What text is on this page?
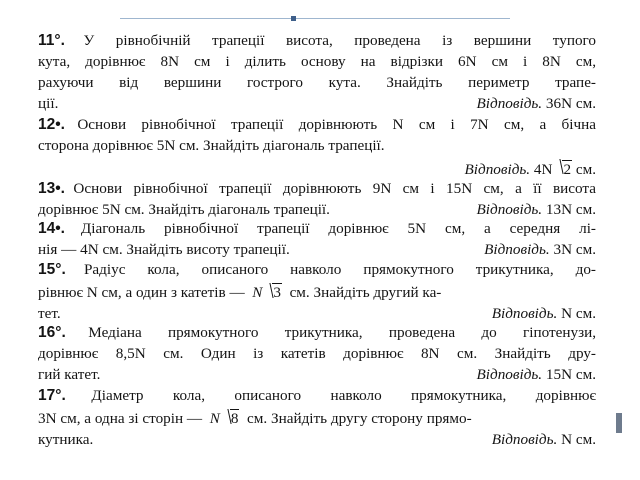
11°. У рівнобічній трапеції висота, проведена із вершини тупого
кута, дорівнює 8N см і ділить основу на відрізки 6N см і 8N см,
рахуючи від вершини гострого кута. Знайдіть периметр трапе-
ції.	Відповідь. 36N см.
12•. Основи рівнобічної трапеції дорівнюють N см і 7N см, а бічна
сторона дорівнює 5N см. Знайдіть діагональ трапеції.
Відповідь. 4N 2 см.
13•. Основи рівнобічної трапеції дорівнюють 9N см і 15N см, а її висота
дорівнює 5N см. Знайдіть діагональ трапеції.	Відповідь. 13N см.
14•. Діагональ рівнобічної трапеції дорівнює 5N см, а середня лі-
нія — 4N см. Знайдіть висоту трапеції.	Відповідь. 3N см.
15°. Радіус кола, описаного навколо прямокутного трикутника, до-
рівнює N см, а один з катетів — N 3 см. Знайдіть другий ка-
тет.	Відповідь. N см.
16°. Медіана прямокутного трикутника, проведена до гіпотенузи,
дорівнює 8,5N см. Один із катетів дорівнює 8N см. Знайдіть дру-
гий катет.	Відповідь. 15N см.
17°. Діаметр кола, описаного навколо прямокутника, дорівнює
3N см, а одна зі сторін — N 8 см. Знайдіть другу сторону прямо-
кутника.	Відповідь. N см.
